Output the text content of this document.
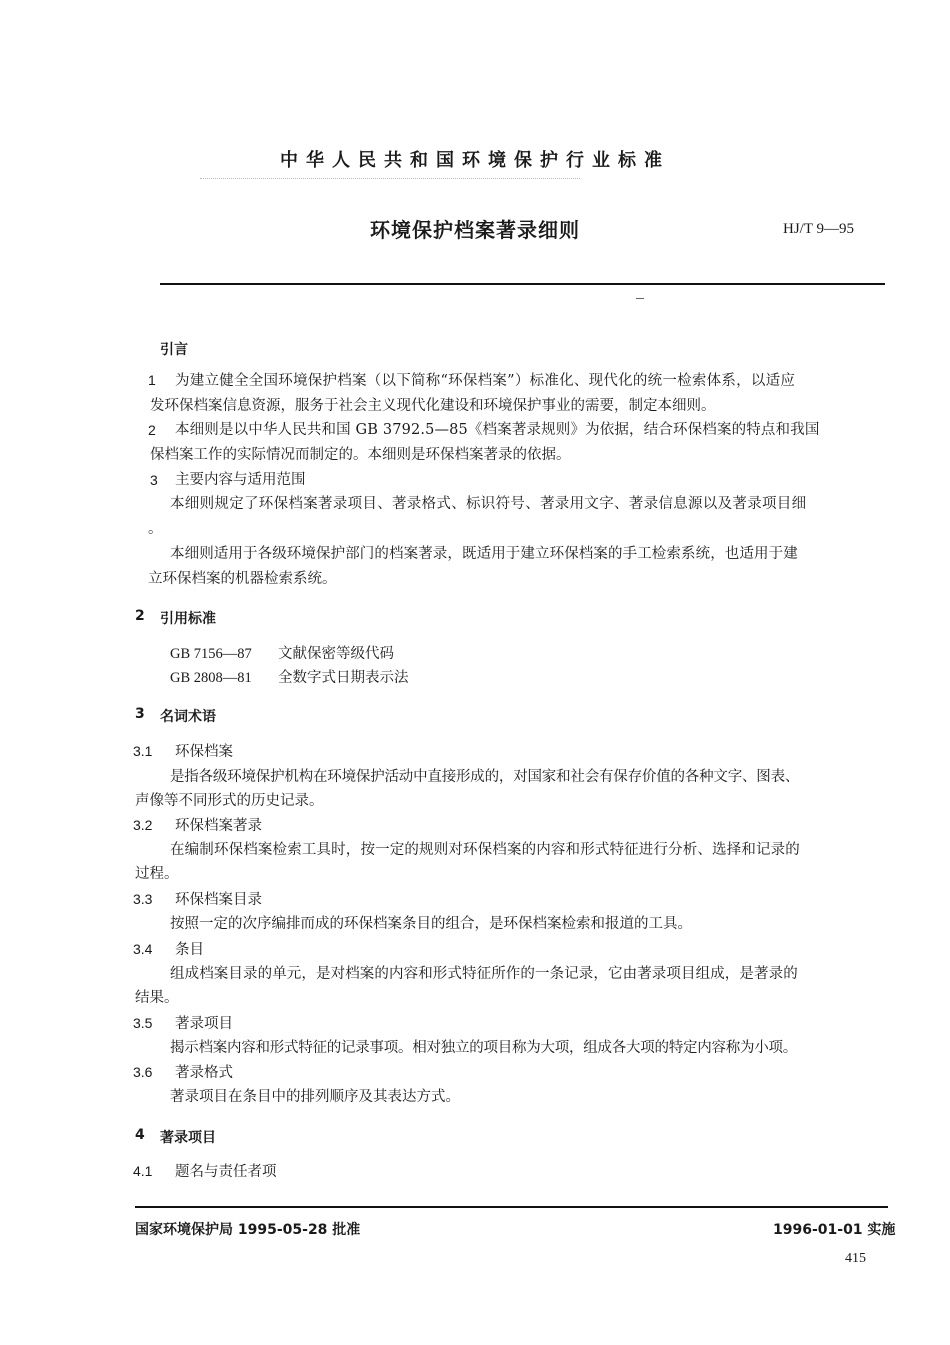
中华人民共和国环境保护行业标准
环境保护档案著录细则	HJ/T 9—95
引言
1 为建立健全全国环境保护档案（以下简称“环保档案”）标准化、现代化的统一检索体系，以适应
发环保档案信息资源，服务于社会主义现代化建设和环境保护事业的需要，制定本细则。
2 本细则是以中华人民共和国 GB 3792.5—85《档案著录规则》为依据，结合环保档案的特点和我国
保档案工作的实际情况而制定的。本细则是环保档案著录的依据。
3 主要内容与适用范围
本细则规定了环保档案著录项目、著录格式、标识符号、著录用文字、著录信息源以及著录项目细
。
本细则适用于各级环境保护部门的档案著录，既适用于建立环保档案的手工检索系统，也适用于建
立环保档案的机器检索系统。
2 引用标准
GB 7156—87 文献保密等级代码
GB 2808—81 全数字式日期表示法
3 名词术语
3.1 环保档案
是指各级环境保护机构在环境保护活动中直接形成的，对国家和社会有保存价值的各种文字、图表、
声像等不同形式的历史记录。
3.2 环保档案著录
在编制环保档案检索工具时，按一定的规则对环保档案的内容和形式特征进行分析、选择和记录的
过程。
3.3 环保档案目录
按照一定的次序编排而成的环保档案条目的组合，是环保档案检索和报道的工具。
3.4 条目
组成档案目录的单元，是对档案的内容和形式特征所作的一条记录，它由著录项目组成，是著录的
结果。
3.5 著录项目
揭示档案内容和形式特征的记录事项。相对独立的项目称为大项，组成各大项的特定内容称为小项。
3.6 著录格式
著录项目在条目中的排列顺序及其表达方式。
4 著录项目
4.1 题名与责任者项
国家环境保护局 1995-05-28 批准	1996-01-01 实施
415
